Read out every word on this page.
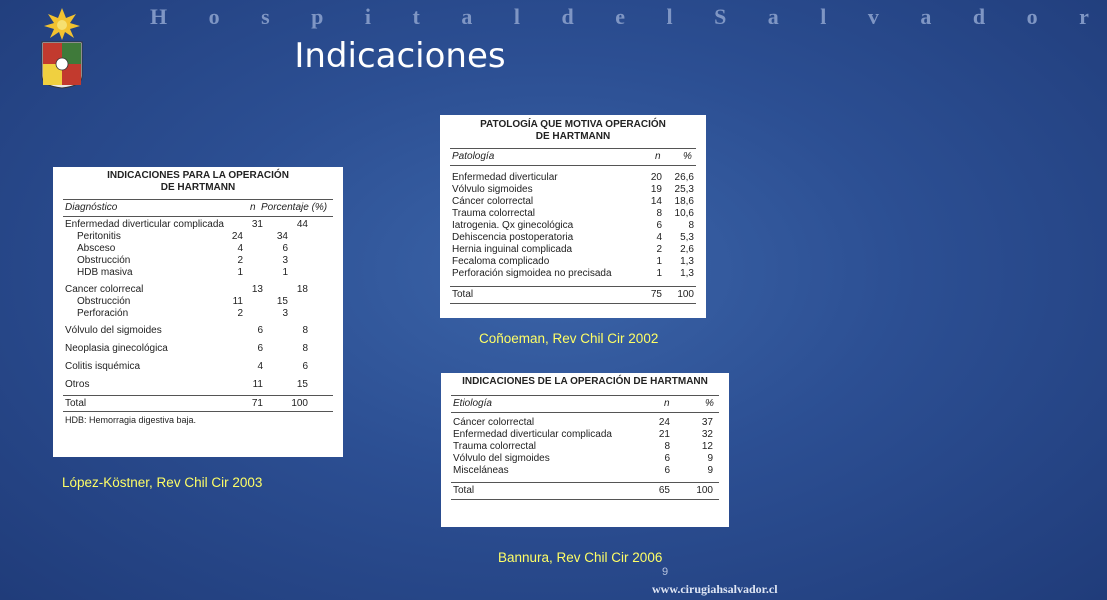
H o s p i t a l d e l S a l v a d o r
Indicaciones
INDICACIONES PARA LA OPERACIÓN
DE HARTMANN
Diagnóstico	n Porcentaje (%)
Enfermedad diverticular complicada	31	44
Peritonitis	24	34
Absceso	4	6
Obstrucción	2	3
HDB masiva	1	1
Cancer colorrecal	13	18
Obstrucción	11	15
Perforación	2	3
Vólvulo del sigmoides	6	8
Neoplasia ginecológica	6	8
Colitis isquémica	4	6
Otros	11	15
Total	71	100
HDB: Hemorragia digestiva baja.
PATOLOGÍA QUE MOTIVA OPERACIÓN
DE HARTMANN
Patología	n %
Enfermedad diverticular	20	26,6
Vólvulo sigmoides	19	25,3
Cáncer colorrectal	14	18,6
Trauma colorrectal	8	10,6
Iatrogenia. Qx ginecológica	6	8
Dehiscencia postoperatoria	4	5,3
Hernia inguinal complicada	2	2,6
Fecaloma complicado	1	1,3
Perforación sigmoidea no precisada	1	1,3
Total	75	100
INDICACIONES DE LA OPERACIÓN DE HARTMANN
Etiología	n	%
Cáncer colorrectal	24	37
Enfermedad diverticular complicada	21	32
Trauma colorrectal	8	12
Vólvulo del sigmoides	6	9
Misceláneas	6	9
Total	65	100
López-Köstner, Rev Chil Cir 2003
Coñoeman, Rev Chil Cir 2002
Bannura, Rev Chil Cir 2006
9
www.cirugiahsalvador.cl
